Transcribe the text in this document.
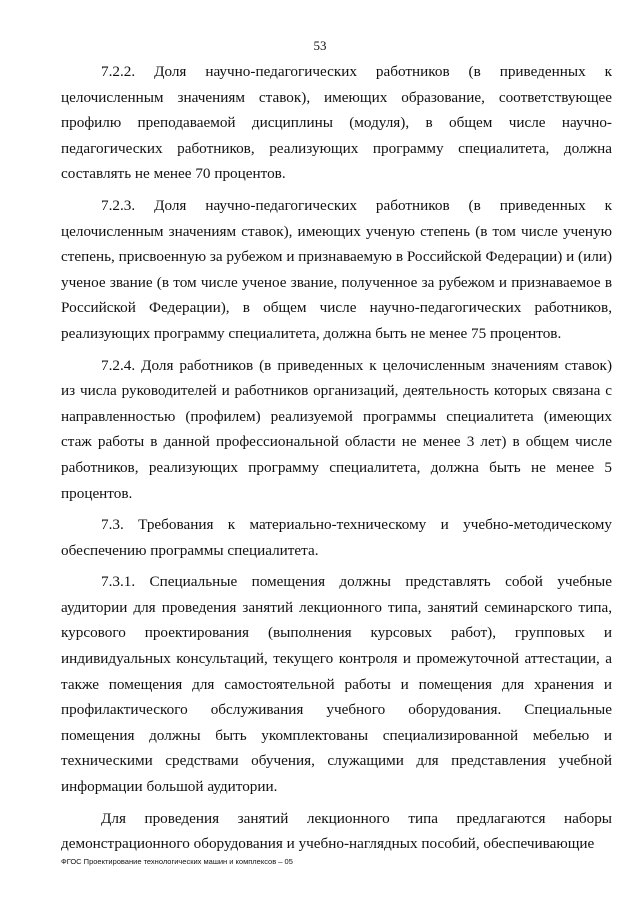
53

7.2.2. Доля научно-педагогических работников (в приведенных к целочисленным значениям ставок), имеющих образование, соответствующее профилю преподаваемой дисциплины (модуля), в общем числе научно-педагогических работников, реализующих программу специалитета, должна составлять не менее 70 процентов.

7.2.3. Доля научно-педагогических работников (в приведенных к целочисленным значениям ставок), имеющих ученую степень (в том числе ученую степень, присвоенную за рубежом и признаваемую в Российской Федерации) и (или) ученое звание (в том числе ученое звание, полученное за рубежом и признаваемое в Российской Федерации), в общем числе научно-педагогических работников, реализующих программу специалитета, должна быть не менее 75 процентов.

7.2.4. Доля работников (в приведенных к целочисленным значениям ставок) из числа руководителей и работников организаций, деятельность которых связана с направленностью (профилем) реализуемой программы специалитета (имеющих стаж работы в данной профессиональной области не менее 3 лет) в общем числе работников, реализующих программу специалитета, должна быть не менее 5 процентов.

7.3. Требования к материально-техническому и учебно-методическому обеспечению программы специалитета.

7.3.1. Специальные помещения должны представлять собой учебные аудитории для проведения занятий лекционного типа, занятий семинарского типа, курсового проектирования (выполнения курсовых работ), групповых и индивидуальных консультаций, текущего контроля и промежуточной аттестации, а также помещения для самостоятельной работы и помещения для хранения и профилактического обслуживания учебного оборудования. Специальные помещения должны быть укомплектованы специализированной мебелью и техническими средствами обучения, служащими для представления учебной информации большой аудитории.

Для проведения занятий лекционного типа предлагаются наборы демонстрационного оборудования и учебно-наглядных пособий, обеспечивающие

ФГОС Проектирование технологических машин и комплексов – 05
